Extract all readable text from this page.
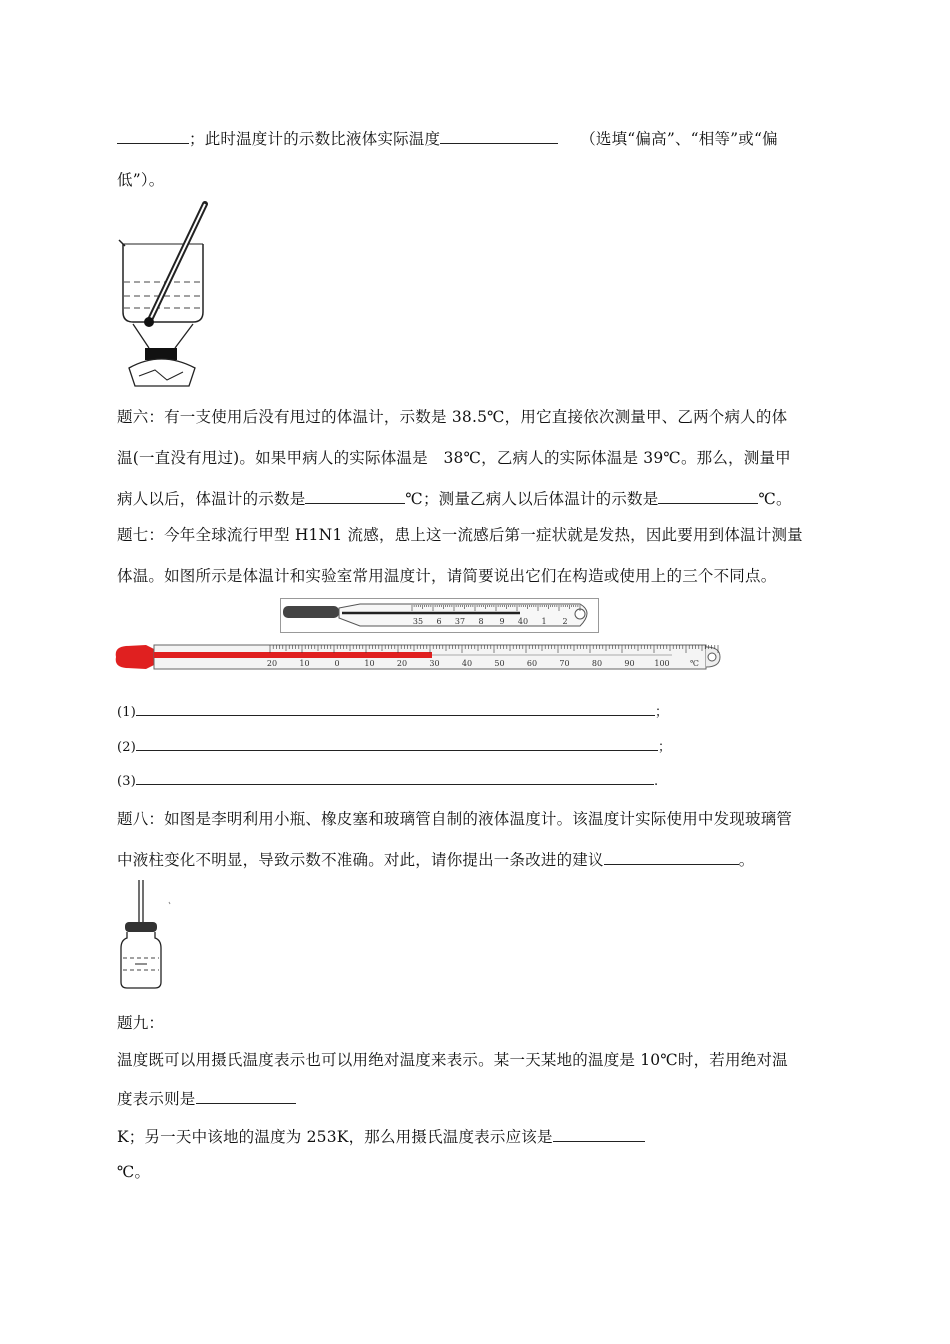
；此时温度计的示数比液体实际温度	（选填“偏高”、“相等”或“偏
低”）。
题六：有一支使用后没有甩过的体温计，示数是 38.5℃，用它直接依次测量甲、乙两个病人的体
温(一直没有甩过)。如果甲病人的实际体温是　38℃，乙病人的实际体温是 39℃。那么，测量甲
病人以后，体温计的示数是	℃；测量乙病人以后体温计的示数是	℃。
题七：今年全球流行甲型 H1N1 流感，患上这一流感后第一症状就是发热，因此要用到体温计测量
体温。如图所示是体温计和实验室常用温度计，请简要说出它们在构造或使用上的三个不同点。
35 6 37 8 9 40 1 2
20	10	0	10	20	30	40	50	60	70	80	90 100	℃
(1)	；
(2)	；
(3)	.
题八：如图是李明利用小瓶、橡皮塞和玻璃管自制的液体温度计。该温度计实际使用中发现玻璃管
中液柱变化不明显，导致示数不准确。对此，请你提出一条改进的建议	。
题九：
温度既可以用摄氏温度表示也可以用绝对温度来表示。某一天某地的温度是 10℃时，若用绝对温
度表示则是
K；另一天中该地的温度为 253K，那么用摄氏温度表示应该是
℃。
